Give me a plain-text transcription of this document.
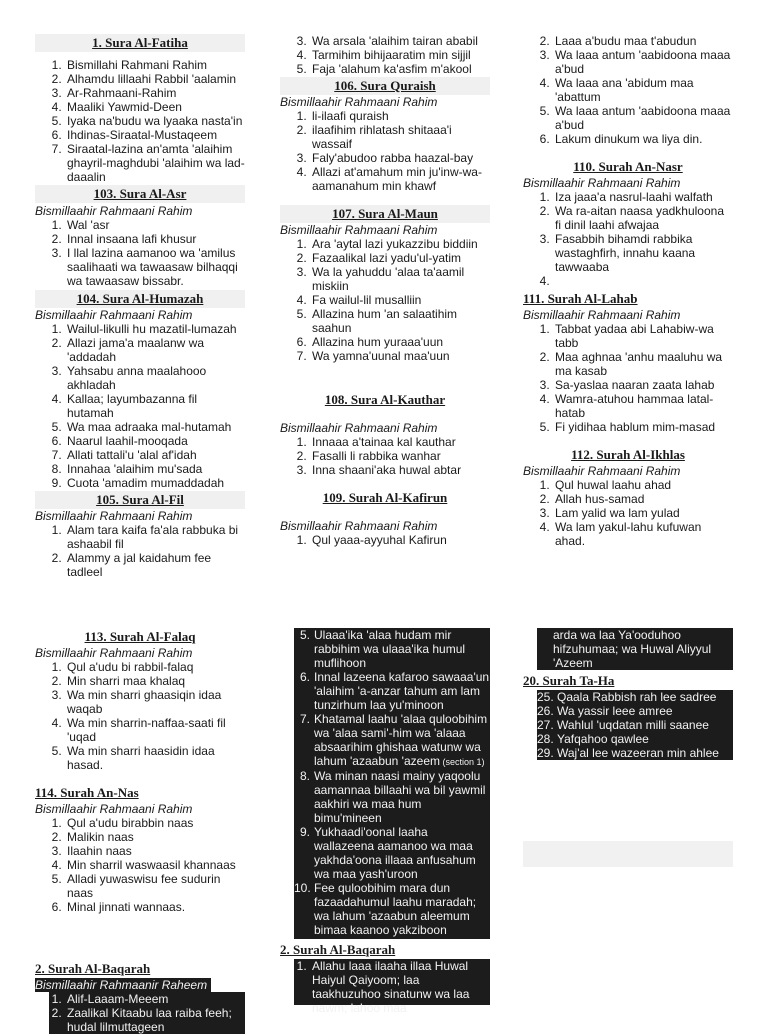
1. Sura Al-Fatiha
1. Bismillahi Rahmani Rahim
2. Alhamdu lillaahi Rabbil 'aalamin
3. Ar-Rahmaani-Rahim
4. Maaliki Yawmid-Deen
5. Iyaka na'budu wa lyaaka nasta'in
6. Ihdinas-Siraatal-Mustaqeem
7. Siraatal-lazina an'amta 'alaihim ghayril-maghdubi 'alaihim wa lad-daaalin
103. Sura Al-Asr

Bismillaahir Rahmaani Rahim

1. Wal 'asr
2. Innal insaana lafi khusur
3. I llal lazina aamanoo wa 'amilus saalihaati wa tawaasaw bilhaqqi wa tawaasaw bissabr.
104. Sura Al-Humazah

Bismillaahir Rahmaani Rahim

1. Wailul-likulli hu mazatil-lumazah
2. Allazi jama'a maalanw wa 'addadah
3. Yahsabu anna maalahooo akhladah
4. Kallaa; layumbazanna fil hutamah
5. Wa maa adraaka mal-hutamah
6. Naarul laahil-mooqada
7. Allati tattali'u 'alal af'idah
8. Innahaa 'alaihim mu'sada
9. Cuota 'amadim mumaddadah
105. Sura Al-Fil

Bismillaahir Rahmaani Rahim

1. Alam tara kaifa fa'ala rabbuka bi ashaabil fil
2. Alammy a jal kaidahum fee tadleel
3. Wa arsala 'alaihim tairan ababil
4. Tarmihim bihijaaratim min sijjil
5. Faja 'alahum ka'asfim m'akool
106. Sura Quraish

Bismillaahir Rahmaani Rahim

1. li-ilaafi quraish
2. ilaafihim rihlatash shitaaa'i wassaif
3. Faly'abudoo rabba haazal-bay
4. Allazi at'amahum min ju'inw-wa-aamanahum min khawf
107. Sura Al-Maun

Bismillaahir Rahmaani Rahim

1. Ara 'aytal lazi yukazzibu biddiin
2. Fazaalikal lazi yadu'ul-yatim
3. Wa la yahuddu 'alaa ta'aamil miskiin
4. Fa wailul-lil musalliin
5. Allazina hum 'an salaatihim saahun
6. Allazina hum yuraaa'uun
7. Wa yamna'uunal maa'uun
108. Sura Al-Kauthar

Bismillaahir Rahmaani Rahim

1. Innaaa a'tainaa kal kauthar
2. Fasalli li rabbika wanhar
3. Inna shaani'aka huwal abtar
109. Surah Al-Kafirun

Bismillaahir Rahmaani Rahim

1. Qul yaaa-ayyuhal Kafirun
2. Laaa a'budu maa t'abudun
3. Wa laaa antum 'aabidoona maaa a'bud
4. Wa laaa ana 'abidum maa 'abattum
5. Wa laaa antum 'aabidoona maaa a'bud
6. Lakum dinukum wa liya din.
110. Surah An-Nasr

Bismillaahir Rahmaani Rahim

1. Iza jaaa'a nasrul-laahi walfath
2. Wa ra-aitan naasa yadkhuloona fi dinil laahi afwajaa
3. Fasabbih bihamdi rabbika wastaghfirh, innahu kaana tawwaaba
4.
111. Surah Al-Lahab

Bismillaahir Rahmaani Rahim

1. Tabbat yadaa abi Lahabiw-wa tabb
2. Maa aghnaa 'anhu maaluhu wa ma kasab
3. Sa-yaslaa naaran zaata lahab
4. Wamra-atuhou hammaa latal-hatab
5. Fi yidihaa hablum mim-masad
112. Surah Al-Ikhlas

Bismillaahir Rahmaani Rahim

1. Qul huwal laahu ahad
2. Allah hus-samad
3. Lam yalid wa lam yulad
4. Wa lam yakul-lahu kufuwan ahad.
113. Surah Al-Falaq

Bismillaahir Rahmaani Rahim

1. Qul a'udu bi rabbil-falaq
2. Min sharri maa khalaq
3. Wa min sharri ghaasiqin idaa waqab
4. Wa min sharrin-naffaa-saati fil 'uqad
5. Wa min sharri haasidin idaa hasad.
114. Surah An-Nas

Bismillaahir Rahmaani Rahim

1. Qul a'udu birabbin naas
2. Malikin naas
3. Ilaahin naas
4. Min sharril waswaasil khannaas
5. Alladi yuwaswisu fee sudurin naas
6. Minal jinnati wannaas.
2. Surah Al-Baqarah

Bismillaahir Rahmaanir Raheem

1. Alif-Laaam-Meeem
2. Zaalikal Kitaabu laa raiba feeh; hudal lilmuttageen
5. Ulaaa'ika 'alaa hudam mir rabbihim wa ulaaa'ika humul muflihoon
6. Innal lazeena kafaroo sawaaa'un 'alaihim 'a-anzar tahum am lam tunzirhum laa yu'minoon
7. Khatamal laahu 'alaa quloobihim wa 'alaa sami'-him wa 'alaaa absaarihim ghishaa watunw wa lahum 'azaabun 'azeem (section 1)
8. Wa minan naasi mainy yaqoolu aamannaa billaahi wa bil yawmil aakhiri wa maa hum bimu'mineen
9. Yukhaadi'oonal laaha wallazeena aamanoo wa maa yakhda'oona illaaa anfusahum wa maa yash'uroon
10. Fee quloobihim mara dun fazaadahumul laahu maradah; wa lahum 'azaabun aleemum bimaa kaanoo yakziboon
2. Surah Al-Baqarah
1. Allahu laaa ilaaha illaa Huwal Haiyul Qaiyoom; laa taakhuzuhoo sinatunw wa laa nawm; lahoo maa
arda wa laa Ya'ooduhoo hifzuhumaa; wa Huwal Aliyyul 'Azeem
20. Surah Ta-Ha
25. Qaala Rabbish rah lee sadree
26. Wa yassir leee amree
27. Wahlul 'uqdatan milli saanee
28. Yafqahoo qawlee
29. Waj'al lee wazeeran min ahlee
